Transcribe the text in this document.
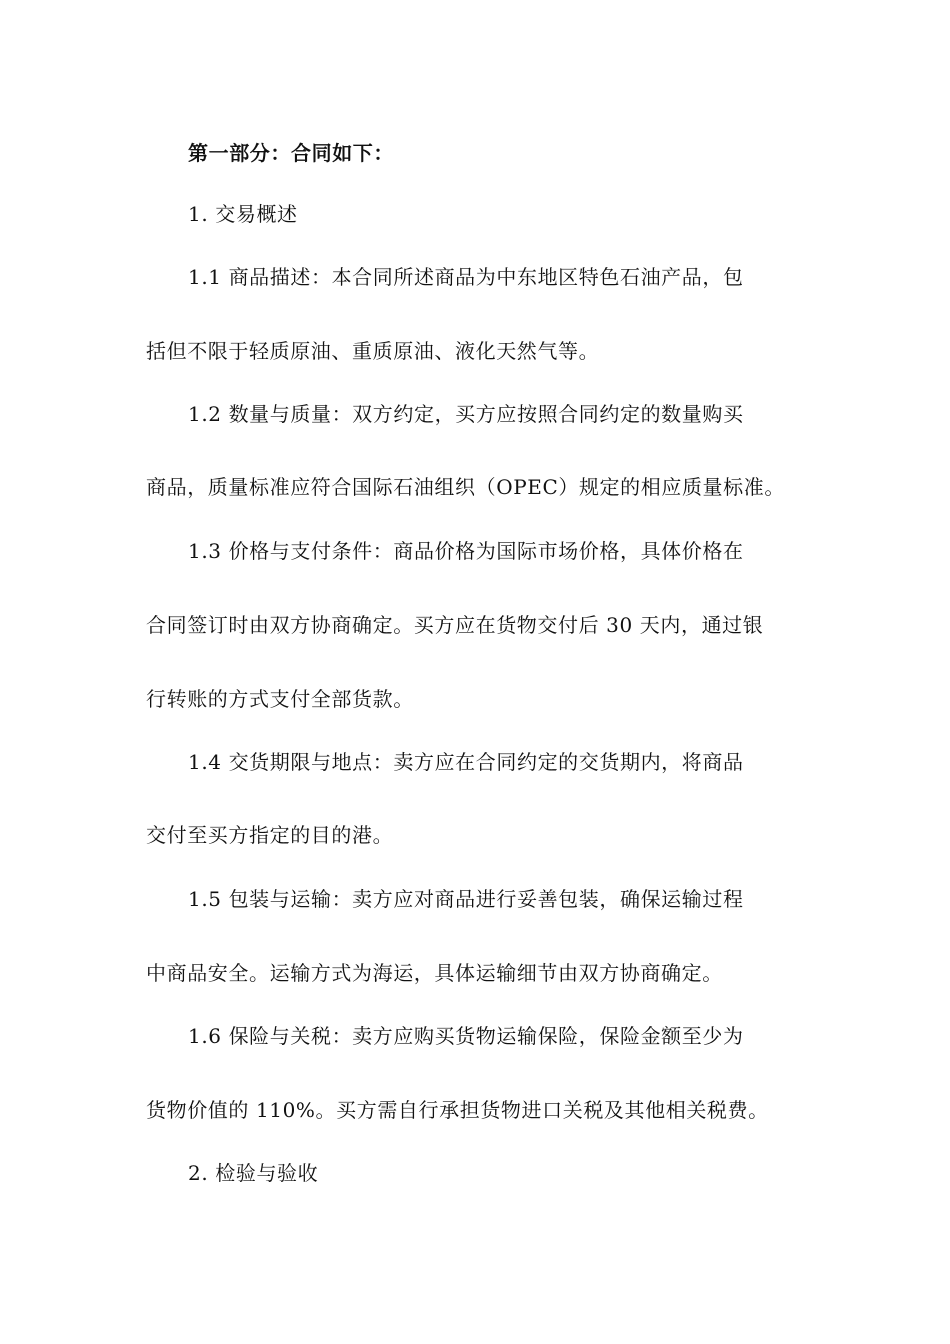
第一部分：合同如下：
1. 交易概述
1.1 商品描述：本合同所述商品为中东地区特色石油产品，包
括但不限于轻质原油、重质原油、液化天然气等。
1.2 数量与质量：双方约定，买方应按照合同约定的数量购买
商品，质量标准应符合国际石油组织（OPEC）规定的相应质量标准。
1.3 价格与支付条件：商品价格为国际市场价格，具体价格在
合同签订时由双方协商确定。买方应在货物交付后 30 天内，通过银
行转账的方式支付全部货款。
1.4 交货期限与地点：卖方应在合同约定的交货期内，将商品
交付至买方指定的目的港。
1.5 包装与运输：卖方应对商品进行妥善包装，确保运输过程
中商品安全。运输方式为海运，具体运输细节由双方协商确定。
1.6 保险与关税：卖方应购买货物运输保险，保险金额至少为
货物价值的 110%。买方需自行承担货物进口关税及其他相关税费。
2. 检验与验收
